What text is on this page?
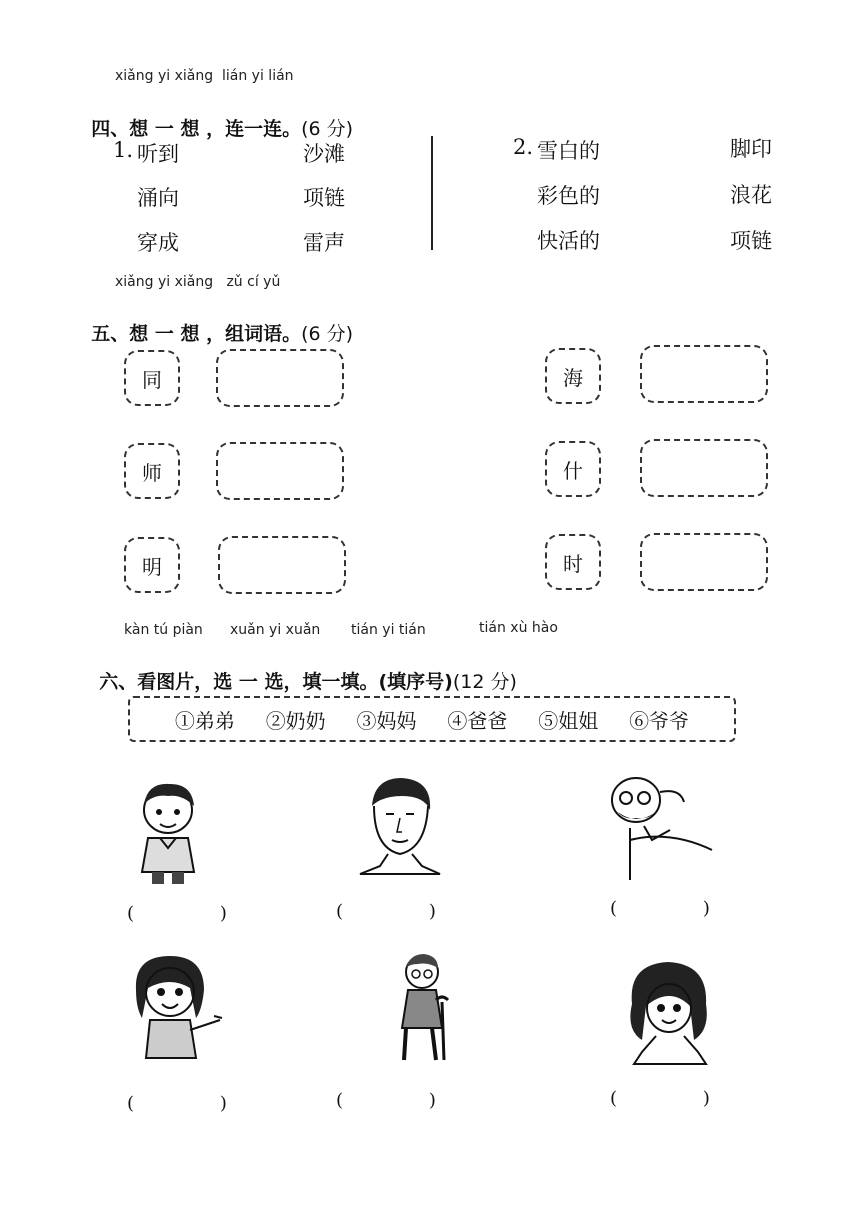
xiǎng yi xiǎng  lián yi lián

四、想 一 想 ，连一连。(6 分)

1. 听到
涌向
穿成
沙滩
项链
雷声
2. 雪白的
彩色的
快活的
脚印
浪花
项链
xiǎng yi xiǎng   zǔ cí yǔ

五、想 一 想 ，组词语。(6 分)

同
师
明
海
什
时
kàn tú piàn xuǎn yi xuǎn tián yi tián	tián xù hào

六、看图片，选 一 选，填一填。(填序号)(12 分)

①弟弟 ②奶奶 ③妈妈 ④爸爸 ⑤姐姐 ⑥爷爷
(	)	(	)	(	)
(	)	(	)	(	)
